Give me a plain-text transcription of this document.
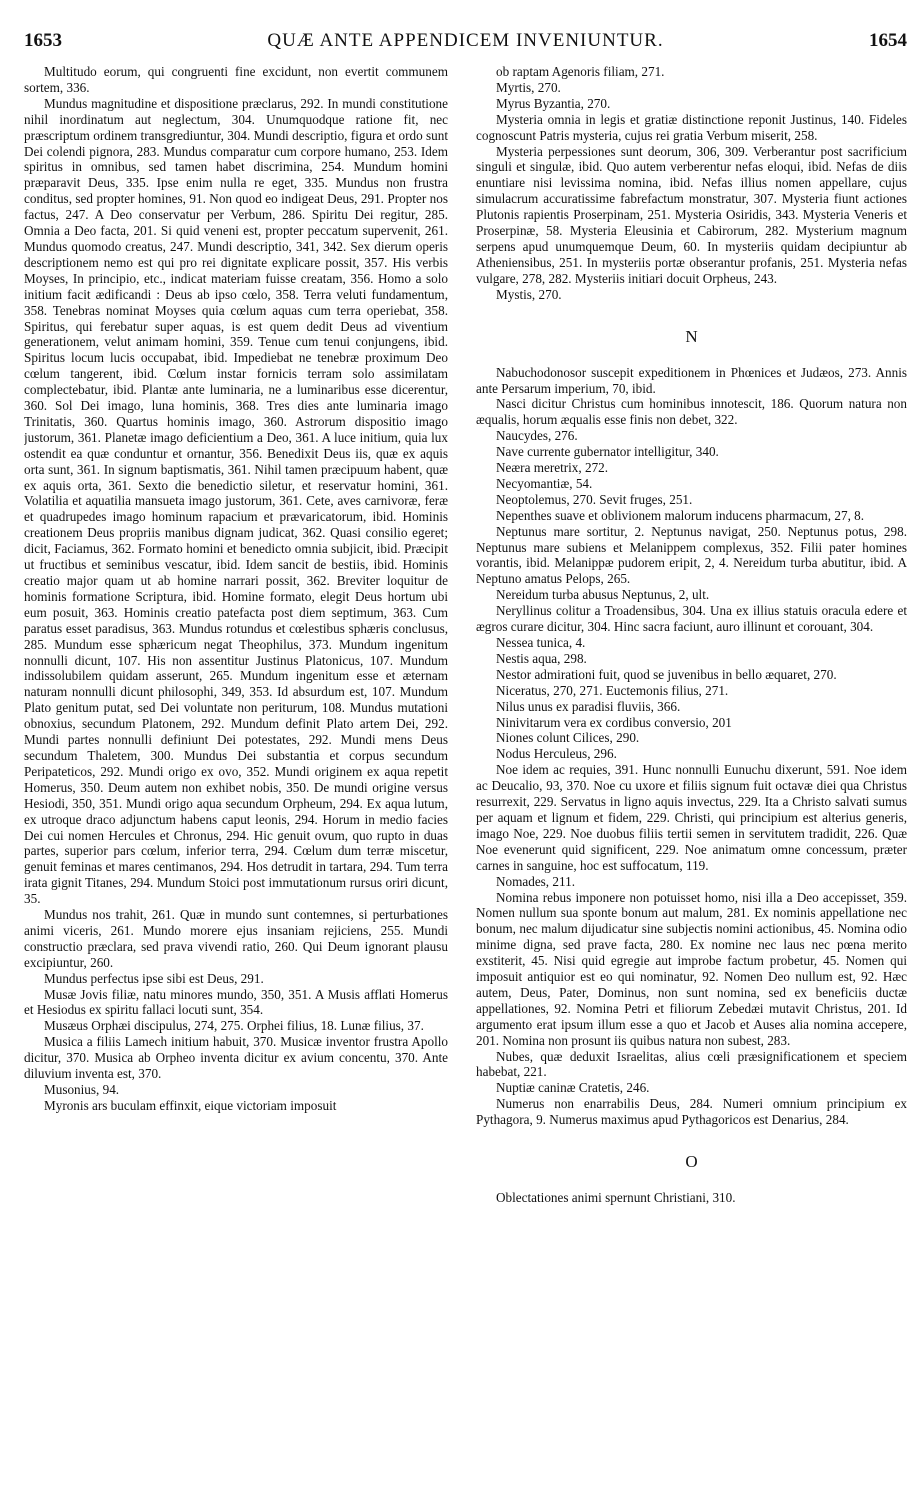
1653	QUÆ ANTE APPENDICEM INVENIUNTUR.	1654

Multitudo eorum, qui congruenti fine excidunt, non evertit communem sortem, 336.

Mundus magnitudine et dispositione præclarus, 292. In mundi constitutione nihil inordinatum aut neglectum, 304. Unumquodque ratione fit, nec præscriptum ordinem transgrediuntur, 304. Mundi descriptio, figura et ordo sunt Dei colendi pignora, 283. Mundus comparatur cum corpore humano, 253. Idem spiritus in omnibus, sed tamen habet discrimina, 254. Mundum homini præparavit Deus, 335. Ipse enim nulla re eget, 335. Mundus non frustra conditus, sed propter homines, 91. Non quod eo indigeat Deus, 291. Propter nos factus, 247. A Deo conservatur per Verbum, 286. Spiritu Dei regitur, 285. Omnia a Deo facta, 201. Si quid veneni est, propter peccatum supervenit, 261. Mundus quomodo creatus, 247. Mundi descriptio, 341, 342. Sex dierum operis descriptionem nemo est qui pro rei dignitate explicare possit, 357. His verbis Moyses, In principio, etc., indicat materiam fuisse creatam, 356. Homo a solo initium facit ædificandi : Deus ab ipso cœlo, 358. Terra veluti fundamentum, 358. Tenebras nominat Moyses quia cœlum aquas cum terra operiebat, 358. Spiritus, qui ferebatur super aquas, is est quem dedit Deus ad viventium generationem, velut animam homini, 359. Tenue cum tenui conjungens, ibid. Spiritus locum lucis occupabat, ibid. Impediebat ne tenebræ proximum Deo cœlum tangerent, ibid. Cœlum instar fornicis terram solo assimilatam complectebatur, ibid. Plantæ ante luminaria, ne a luminaribus esse dicerentur, 360. Sol Dei imago, luna hominis, 368. Tres dies ante luminaria imago Trinitatis, 360. Quartus hominis imago, 360. Astrorum dispositio imago justorum, 361. Planetæ imago deficientium a Deo, 361. A luce initium, quia lux ostendit ea quæ conduntur et ornantur, 356. Benedixit Deus iis, quæ ex aquis orta sunt, 361. In signum baptismatis, 361. Nihil tamen præcipuum habent, quæ ex aquis orta, 361. Sexto die benedictio siletur, et reservatur homini, 361. Volatilia et aquatilia mansueta imago justorum, 361. Cete, aves carnivoræ, feræ et quadrupedes imago hominum rapacium et prævaricatorum, ibid. Hominis creationem Deus propriis manibus dignam judicat, 362. Quasi consilio egeret; dicit, Faciamus, 362. Formato homini et benedicto omnia subjicit, ibid. Præcipit ut fructibus et seminibus vescatur, ibid. Idem sancit de bestiis, ibid. Hominis creatio major quam ut ab homine narrari possit, 362. Breviter loquitur de hominis formatione Scriptura, ibid. Homine formato, elegit Deus hortum ubi eum posuit, 363. Hominis creatio patefacta post diem septimum, 363. Cum paratus esset paradisus, 363. Mundus rotundus et cœlestibus sphæris conclusus, 285. Mundum esse sphæricum negat Theophilus, 373. Mundum ingenitum nonnulli dicunt, 107. His non assentitur Justinus Platonicus, 107. Mundum indissolubilem quidam asserunt, 265. Mundum ingenitum esse et æternam naturam nonnulli dicunt philosophi, 349, 353. Id absurdum est, 107. Mundum Plato genitum putat, sed Dei voluntate non periturum, 108. Mundus mutationi obnoxius, secundum Platonem, 292. Mundum definit Plato artem Dei, 292. Mundi partes nonnulli definiunt Dei potestates, 292. Mundi mens Deus secundum Thaletem, 300. Mundus Dei substantia et corpus secundum Peripateticos, 292. Mundi origo ex ovo, 352. Mundi originem ex aqua repetit Homerus, 350. Deum autem non exhibet nobis, 350. De mundi origine versus Hesiodi, 350, 351. Mundi origo aqua secundum Orpheum, 294. Ex aqua lutum, ex utroque draco adjunctum habens caput leonis, 294. Horum in medio facies Dei cui nomen Hercules et Chronus, 294. Hic genuit ovum, quo rupto in duas partes, superior pars cœlum, inferior terra, 294. Cœlum dum terræ miscetur, genuit feminas et mares centimanos, 294. Hos detrudit in tartara, 294. Tum terra irata gignit Titanes, 294. Mundum Stoici post immutationum rursus oriri dicunt, 35.

Mundus nos trahit, 261. Quæ in mundo sunt contemnes, si perturbationes animi viceris, 261. Mundo morere ejus insaniam rejiciens, 255. Mundi constructio præclara, sed prava vivendi ratio, 260. Qui Deum ignorant plausu excipiuntur, 260.

Mundus perfectus ipse sibi est Deus, 291.

Musæ Jovis filiæ, natu minores mundo, 350, 351. A Musis afflati Homerus et Hesiodus ex spiritu fallaci locuti sunt, 354.

Musæus Orphæi discipulus, 274, 275. Orphei filius, 18. Lunæ filius, 37.

Musica a filiis Lamech initium habuit, 370. Musicæ inventor frustra Apollo dicitur, 370. Musica ab Orpheo inventa dicitur ex avium concentu, 370. Ante diluvium inventa est, 370.

Musonius, 94.

Myronis ars buculam effinxit, eique victoriam imposuit

ob raptam Agenoris filiam, 271.

Myrtis, 270.

Myrus Byzantia, 270.

Mysteria omnia in legis et gratiæ distinctione reponit Justinus, 140. Fideles cognoscunt Patris mysteria, cujus rei gratia Verbum miserit, 258.

Mysteria perpessiones sunt deorum, 306, 309. Verberantur post sacrificium singuli et singulæ, ibid. Quo autem verberentur nefas eloqui, ibid. Nefas de diis enuntiare nisi levissima nomina, ibid. Nefas illius nomen appellare, cujus simulacrum accuratissime fabrefactum monstratur, 307. Mysteria fiunt actiones Plutonis rapientis Proserpinam, 251. Mysteria Osiridis, 343. Mysteria Veneris et Proserpinæ, 58. Mysteria Eleusinia et Cabirorum, 282. Mysterium magnum serpens apud unumquemque Deum, 60. In mysteriis quidam decipiuntur ab Atheniensibus, 251. In mysteriis portæ obserantur profanis, 251. Mysteria nefas vulgare, 278, 282. Mysteriis initiari docuit Orpheus, 243.

Mystis, 270.

N

Nabuchodonosor suscepit expeditionem in Phœnices et Judæos, 273. Annis ante Persarum imperium, 70, ibid.

Nasci dicitur Christus cum hominibus innotescit, 186. Quorum natura non æqualis, horum æqualis esse finis non debet, 322.

Naucydes, 276.

Nave currente gubernator intelligitur, 340.

Neæra meretrix, 272.

Necyomantiæ, 54.

Neoptolemus, 270. Sevit fruges, 251.

Nepenthes suave et oblivionem malorum inducens pharmacum, 27, 8.

Neptunus mare sortitur, 2. Neptunus navigat, 250. Neptunus potus, 298. Neptunus mare subiens et Melanippem complexus, 352. Filii pater homines vorantis, ibid. Melanippæ pudorem eripit, 2, 4. Nereidum turba abutitur, ibid. A Neptuno amatus Pelops, 265.

Nereidum turba abusus Neptunus, 2, ult.

Neryllinus colitur a Troadensibus, 304. Una ex illius statuis oracula edere et ægros curare dicitur, 304. Hinc sacra faciunt, auro illinunt et corouant, 304.

Nessea tunica, 4.

Nestis aqua, 298.

Nestor admirationi fuit, quod se juvenibus in bello æquaret, 270.

Niceratus, 270, 271. Euctemonis filius, 271.

Nilus unus ex paradisi fluviis, 366.

Ninivitarum vera ex cordibus conversio, 201

Niones colunt Cilices, 290.

Nodus Herculeus, 296.

Noe idem ac requies, 391. Hunc nonnulli Eunuchu dixerunt, 591. Noe idem ac Deucalio, 93, 370. Noe cu uxore et filiis signum fuit octavæ diei qua Christus resurrexit, 229. Servatus in ligno aquis invectus, 229. Ita a Christo salvati sumus per aquam et lignum et fidem, 229. Christi, qui principium est alterius generis, imago Noe, 229. Noe duobus filiis tertii semen in servitutem tradidit, 226. Quæ Noe evenerunt quid significent, 229. Noe animatum omne concessum, præter carnes in sanguine, hoc est suffocatum, 119.

Nomades, 211.

Nomina rebus imponere non potuisset homo, nisi illa a Deo accepisset, 359. Nomen nullum sua sponte bonum aut malum, 281. Ex nominis appellatione nec bonum, nec malum dijudicatur sine subjectis nomini actionibus, 45. Nomina odio minime digna, sed prave facta, 280. Ex nomine nec laus nec pœna merito exstiterit, 45. Nisi quid egregie aut improbe factum probetur, 45. Nomen qui imposuit antiquior est eo qui nominatur, 92. Nomen Deo nullum est, 92. Hæc autem, Deus, Pater, Dominus, non sunt nomina, sed ex beneficiis ductæ appellationes, 92. Nomina Petri et filiorum Zebedæi mutavit Christus, 201. Id argumento erat ipsum illum esse a quo et Jacob et Auses alia nomina accepere, 201. Nomina non prosunt iis quibus natura non subest, 283.

Nubes, quæ deduxit Israelitas, alius cœli præsignificationem et speciem habebat, 221.

Nuptiæ caninæ Cratetis, 246.

Numerus non enarrabilis Deus, 284. Numeri omnium principium ex Pythagora, 9. Numerus maximus apud Pythagoricos est Denarius, 284.

O

Oblectationes animi spernunt Christiani, 310.
